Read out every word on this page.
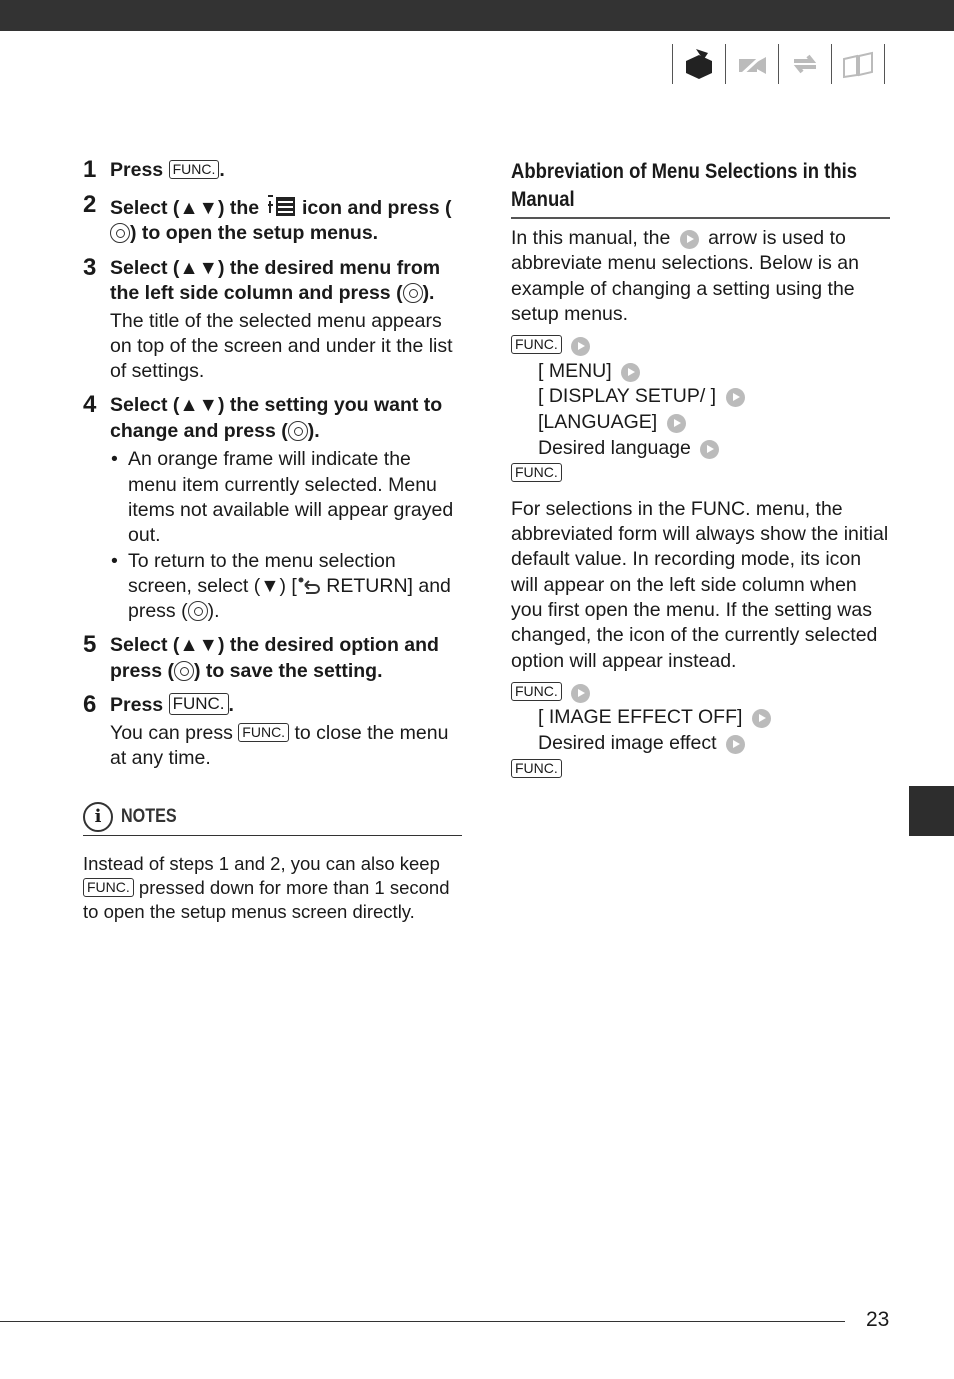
1 Press FUNC. .
2 Select (▲▼) the  icon and press () to open the setup menus.
3 Select (▲▼) the desired menu from the left side column and press ( ).
The title of the selected menu appears on top of the screen and under it the list of settings.
4 Select (▲▼) the setting you want to change and press ( ).
• An orange frame will indicate the menu item currently selected. Menu items not available will appear grayed out.
• To return to the menu selection screen, select (▼) [ RETURN] and press ( ).
5 Select (▲▼) the desired option and press ( ) to save the setting.
6 Press FUNC. .
You can press FUNC. to close the menu at any time.
i	NOTES
Instead of steps 1 and 2, you can also keep FUNC. pressed down for more than 1 second to open the setup menus screen directly.
Abbreviation of Menu Selections in this Manual
In this manual, the  arrow is used to abbreviate menu selections. Below is an example of changing a setting using the setup menus.
FUNC.
[ MENU]
[ DISPLAY SETUP/ ]
[LANGUAGE]
Desired language
FUNC.
For selections in the FUNC. menu, the abbreviated form will always show the initial default value. In recording mode, its icon will appear on the left side column when you first open the menu. If the setting was changed, the icon of the currently selected option will appear instead.
FUNC.
[ IMAGE EFFECT OFF]
Desired image effect
FUNC.
23
